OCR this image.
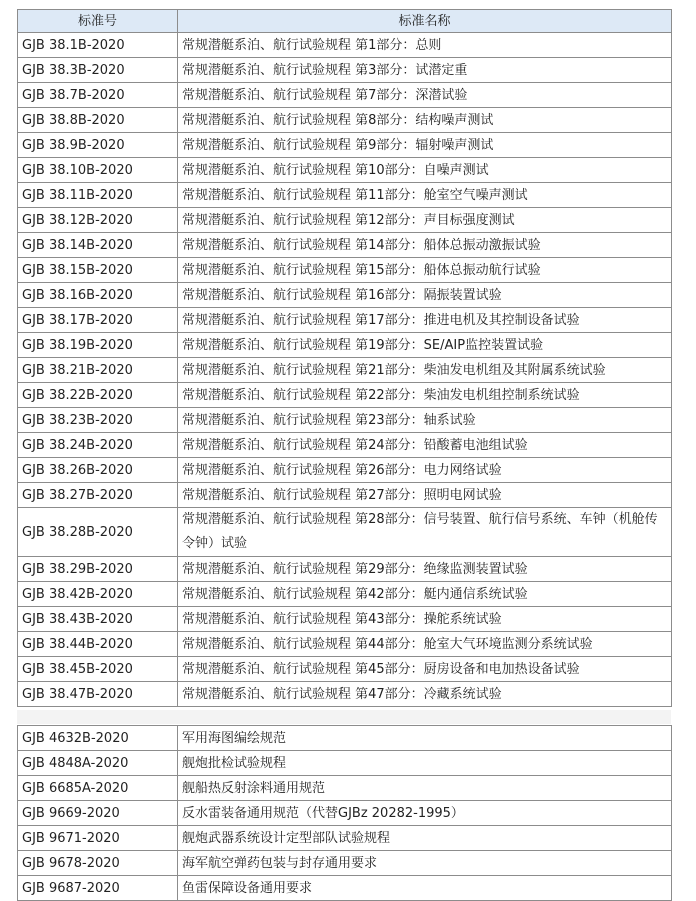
标准号	标准名称
GJB 38.1B-2020	常规潜艇系泊、航行试验规程 第1部分：总则
GJB 38.3B-2020	常规潜艇系泊、航行试验规程 第3部分：试潜定重
GJB 38.7B-2020	常规潜艇系泊、航行试验规程 第7部分：深潜试验
GJB 38.8B-2020	常规潜艇系泊、航行试验规程 第8部分：结构噪声测试
GJB 38.9B-2020	常规潜艇系泊、航行试验规程 第9部分：辐射噪声测试
GJB 38.10B-2020	常规潜艇系泊、航行试验规程 第10部分：自噪声测试
GJB 38.11B-2020	常规潜艇系泊、航行试验规程 第11部分：舱室空气噪声测试
GJB 38.12B-2020	常规潜艇系泊、航行试验规程 第12部分：声目标强度测试
GJB 38.14B-2020	常规潜艇系泊、航行试验规程 第14部分：船体总振动激振试验
GJB 38.15B-2020	常规潜艇系泊、航行试验规程 第15部分：船体总振动航行试验
GJB 38.16B-2020	常规潜艇系泊、航行试验规程 第16部分：隔振装置试验
GJB 38.17B-2020	常规潜艇系泊、航行试验规程 第17部分：推进电机及其控制设备试验
GJB 38.19B-2020	常规潜艇系泊、航行试验规程 第19部分：SE/AIP监控装置试验
GJB 38.21B-2020	常规潜艇系泊、航行试验规程 第21部分：柴油发电机组及其附属系统试验
GJB 38.22B-2020	常规潜艇系泊、航行试验规程 第22部分：柴油发电机组控制系统试验
GJB 38.23B-2020	常规潜艇系泊、航行试验规程 第23部分：轴系试验
GJB 38.24B-2020	常规潜艇系泊、航行试验规程 第24部分：铅酸蓄电池组试验
GJB 38.26B-2020	常规潜艇系泊、航行试验规程 第26部分：电力网络试验
GJB 38.27B-2020	常规潜艇系泊、航行试验规程 第27部分：照明电网试验
GJB 38.28B-2020	常规潜艇系泊、航行试验规程 第28部分：信号装置、航行信号系统、车钟（机舱传令钟）试验
GJB 38.29B-2020	常规潜艇系泊、航行试验规程 第29部分：绝缘监测装置试验
GJB 38.42B-2020	常规潜艇系泊、航行试验规程 第42部分：艇内通信系统试验
GJB 38.43B-2020	常规潜艇系泊、航行试验规程 第43部分：操舵系统试验
GJB 38.44B-2020	常规潜艇系泊、航行试验规程 第44部分：舱室大气环境监测分系统试验
GJB 38.45B-2020	常规潜艇系泊、航行试验规程 第45部分：厨房设备和电加热设备试验
GJB 38.47B-2020	常规潜艇系泊、航行试验规程 第47部分：冷藏系统试验
GJB 4632B-2020	军用海图编绘规范
GJB 4848A-2020	舰炮批检试验规程
GJB 6685A-2020	舰船热反射涂料通用规范
GJB 9669-2020	反水雷装备通用规范（代替GJBz 20282-1995）
GJB 9671-2020	舰炮武器系统设计定型部队试验规程
GJB 9678-2020	海军航空弹药包装与封存通用要求
GJB 9687-2020	鱼雷保障设备通用要求
